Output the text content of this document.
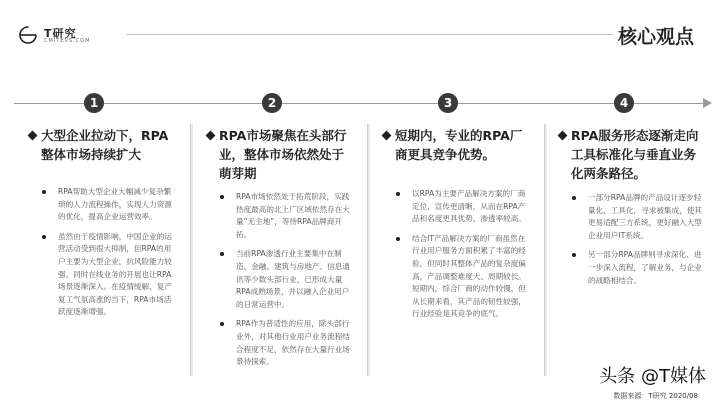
T研究
CMITEVS.COM	核心观点
1	2	3	4
大型企业拉动下，RPA整体市场持续扩大
RPA帮助大型企业大幅减少复杂繁琐的人力流程操作，实现人力资源的优化，提高企业运营效率。
虽然由于疫情影响，中国企业的运营活动受到很大抑制，但RPA的用户主要为大型企业，抗风险能力较强。同时在线业务的开展也让RPA场景逐渐深入。在疫情缓解，复产复工气氛高涨的当下，RPA市场活跃度逐渐增强。
RPA市场聚焦在头部行业，整体市场依然处于萌芽期
RPA市场依然处于拓荒阶段，实践热度最高的北上广区域依然存在大量“无主地”，等待RPA品牌商开拓。
当前RPA渗透行业主要集中在制造、金融、建筑与房地产、信息通讯等少数头部行业，已形成大量RPA成熟场景，并以融入企业用户的日常运营中。
RPA作为普适性的应用，除头部行业外，对其他行业用户业务流程结合程度不足，依然存在大量行业场景待探索。
短期内，专业的RPA厂商更具竞争优势。
以RPA为主要产品解决方案的厂商定位、宣传更清晰，从而在RPA产品和名度更具优势，渗透率较高。
结合IT产品解决方案的厂商虽然在行业用户服务方面积累了丰富的经验，但同时其整体产品的复杂度偏高，产品调整难度大、周期较长。短期内，综合厂商的动作较慢，但从长期来看，其产品的韧性较强，行业经验是其竞争的底气。
RPA服务形态逐渐走向工具标准化与垂直业务化两条路径。
一部分RPA品牌的产品设计逐步轻量化、工具化，寻求被集成，使其更易适配三方系统，更好融入大型企业用户IT系统。
另一部分RPA品牌则寻求深化、进一步深入流程，了解业务，与企业的战略相结合。
头条 @T媒体
数据来源：T研究 2020/08
